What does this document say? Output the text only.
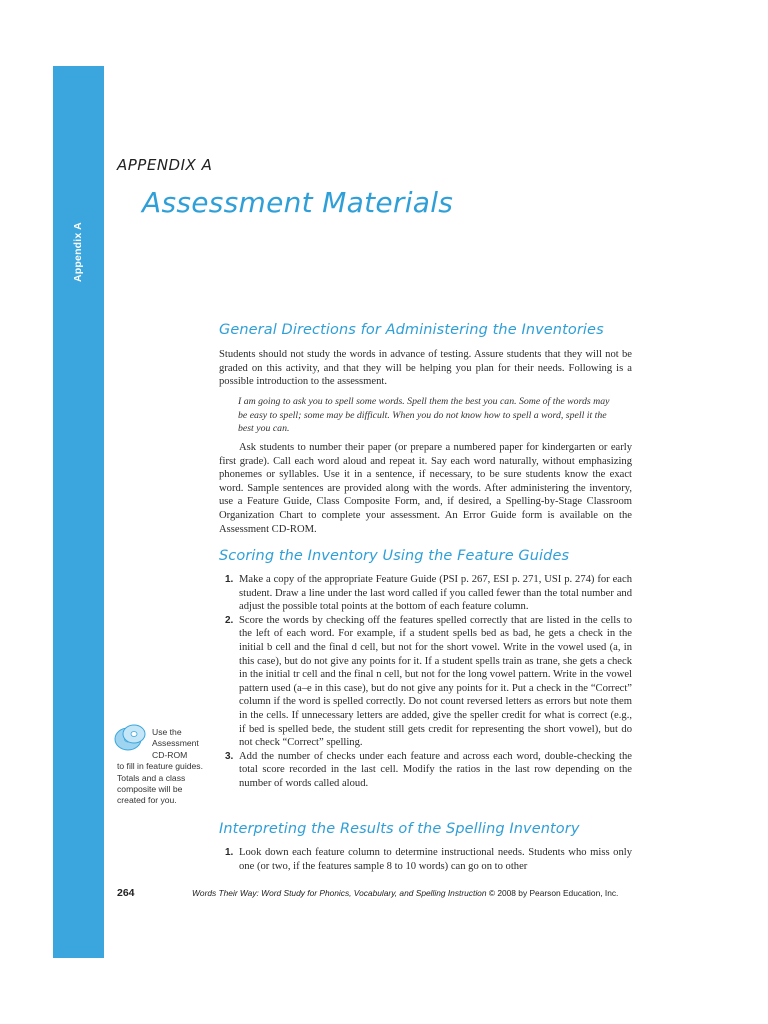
Appendix A
APPENDIX A
Assessment Materials
General Directions for Administering the Inventories

Students should not study the words in advance of testing. Assure students that they will not be graded on this activity, and that they will be helping you plan for their needs. Following is a possible introduction to the assessment.

I am going to ask you to spell some words. Spell them the best you can. Some of the words may be easy to spell; some may be difficult. When you do not know how to spell a word, spell it the best you can.

Ask students to number their paper (or prepare a numbered paper for kindergarten or early first grade). Call each word aloud and repeat it. Say each word naturally, without emphasizing phonemes or syllables. Use it in a sentence, if necessary, to be sure students know the exact word. Sample sentences are provided along with the words. After administering the inventory, use a Feature Guide, Class Composite Form, and, if desired, a Spelling-by-Stage Classroom Organization Chart to complete your assessment. An Error Guide form is available on the Assessment CD-ROM.

Scoring the Inventory Using the Feature Guides
1. Make a copy of the appropriate Feature Guide (PSI p. 267, ESI p. 271, USI p. 274) for each student. Draw a line under the last word called if you called fewer than the total number and adjust the possible total points at the bottom of each feature column.
2. Score the words by checking off the features spelled correctly that are listed in the cells to the left of each word. For example, if a student spells bed as bad, he gets a check in the initial b cell and the final d cell, but not for the short vowel. Write in the vowel used (a, in this case), but do not give any points for it. If a student spells train as trane, she gets a check in the initial tr cell and the final n cell, but not for the long vowel pattern. Write in the vowel pattern used (a–e in this case), but do not give any points for it. Put a check in the “Correct” column if the word is spelled correctly. Do not count reversed letters as errors but note them in the cells. If unnecessary letters are added, give the speller credit for what is correct (e.g., if bed is spelled bede, the student still gets credit for representing the short vowel), but do not check “Correct” spelling.
3. Add the number of checks under each feature and across each word, double-checking the total score recorded in the last cell. Modify the ratios in the last row depending on the number of words called aloud.
Use the Assessment CD-ROM
to fill in feature guides. Totals and a class composite will be created for you.
Interpreting the Results of the Spelling Inventory
1. Look down each feature column to determine instructional needs. Students who miss only one (or two, if the features sample 8 to 10 words) can go on to other
264	Words Their Way: Word Study for Phonics, Vocabulary, and Spelling Instruction © 2008 by Pearson Education, Inc.
